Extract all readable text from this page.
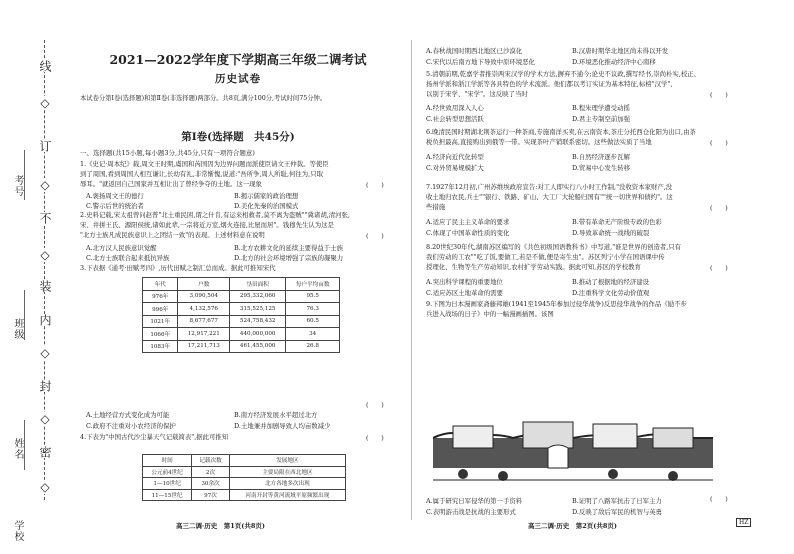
考号
班级
姓名
学校
线
◇
订
◇
不
◇
装
内
◇
封
◇
密
◇
2021—2022学年度下学期高三年级二调考试
历史试卷
本试卷分第Ⅰ卷(选择题)和第Ⅱ卷(非选择题)两部分。共8页,满分100分,考试时间75分钟。
第Ⅰ卷(选择题　共45分)
一、选择题(共15小题,每小题3分,共45分,只有一项符合题意)
1.《史记·周本纪》载,周文王时期,虞国和芮国因为边界问题而派使臣请文王仲裁。等使臣
到了周国,看到周国人相互谦让,长幼有礼,非常惭愧,说道:"吾所争,周人所耻,何往为,只取
辱耳。"就返回自己国家并互相让出了曾经争夺的土地。这一现象	(　　)
A.褒扬周文王的德行	B.揭示儒家的政治理想
C.警示后世的统治者	D.美化先秦的治国模式
2.史料记载,宋太祖曾问赵普"北土重民困,谓之什肯,有运来相救者,莫不离为盗贼""冀诸胡,清河张,
宋、井拼王氏、源阳侯统,诸如此辈,一宗将近万室,烟火连接,比屋而居"。钱穆先生认为这是
"北方士族凡成民族意识上之团结一致"的表现。上述材料意在说明	(　　)
A.北方汉人民族意识觉醒	B.北方农耕文化的延续主要得益于士族
C.北方士族联合起来抵抗异族	D.北方的社会环境增强了宗族的凝聚力
3.下表据《通考·田赋考四》,历代田赋之制汇总而成。据此可推知宋代
年代	户数	垦田面积	每户平均亩数
976年	3,090,504	295,332,060	95.5
996年	4,132,576	315,525,125	76.3
1021年	8,677,677	524,758,432	60.5
1066年	12,917,221	440,000,000	34
1083年	17,211,713	461,455,000	26.8
(　　)
A.土地经营方式变化成为可能	B.南方经济发展水平超过北方
C.政府不注重对小农经济的保护	D.土地兼并加剧导致人均亩数减少
4.下表为"中国古代沙尘暴天气记载简表",据此可推知
时间	记载次数	发展地区
公元前4世纪	2次	主要局限在西北地区
1—10世纪	30余次	北方各地多次出现
11—15世纪	97次	河南开封等黄河流域平原频繁出现
(　　)
高三二调·历史　第1页(共8页)
A.春秋战国时期西北地区已沙漠化	B.汉唐时期华北地区尚未得以开发
C.宋代以后南方地下导致中原环境恶化	D.环境恶化推动经济中心南移
5.清朝前期,乾嘉学者推崇两宋汉学的学术方法,摒弃不通今;论史不议政,撰写经书,崇尚朴实,校正、
扬州学派和浙江学派等各具特色的学术流派。他们都以考订实证为基本特征,标榜"汉学",
以别于宋学、"宋学"。这反映了当时	(　　)
A.经世致用深入人心	B.程朱理学遭受动摇
C.社会转型思想活跃	D.君主专制空前加强
6.晚清民国时期湖北荆茶运行一种茶商,专施南洋买卖,在云南资本,茶庄分托西仓化阳为出口,由茶
税负担最高,直接购出到俄等一带。实现茶叶产销联系密切。这些做法实质了当地	(　　)
A.经济向近代化转型	B.自然经济逐步瓦解
C.对外贸易规模扩大	D.贸易中心发生转移
7.1927年12月初,广州苏维埃政府宣告:对工人即实行八小时工作制,"没收资本家财产,没
收土地归农民,兵士""银行、铁路、矿山、大工厂大轮船归国有""统一切世界和债约"。这
些措施	(　　)
A.适应了民主主义革命的要求	B.带有革命无产阶级专政的色彩
C.体现了中国革命性质的变化	D.导致革命统一战线的破裂
8.20世纪30年代,湖南苏区编写的《共色初级国语教科书》中写道,"谁是世界的创造者,只有
我们劳动的工农""吃了饭,要做工,若是不做,便是寄生虫"。苏区列宁小学在国语课中传
授理化、生物等生产劳动知识,农村扩学劳动实践。据此可知,苏区的学校教育	(　　)
A.突出科学课程的重要地位	B.推动了根据地的经济建设
C.适应苏区土地革命的需要	D.注重科学文化劳动价值观
9.下图为日本漫画家斋藤邦雄(1941至1945年参加过侵华战争)反思侵华战争的作品《励不步
兵进入战场的日子》中的一幅漫画插图。该图
(　　)
A.属于研究日军侵华的第一手资料	B.证明了八路军抗击了日军主力
C.表明游击战是抗战的主要形式	D.反映了敌后军民的机智与英勇
高三二调·历史　第2页(共8页)	HZ
